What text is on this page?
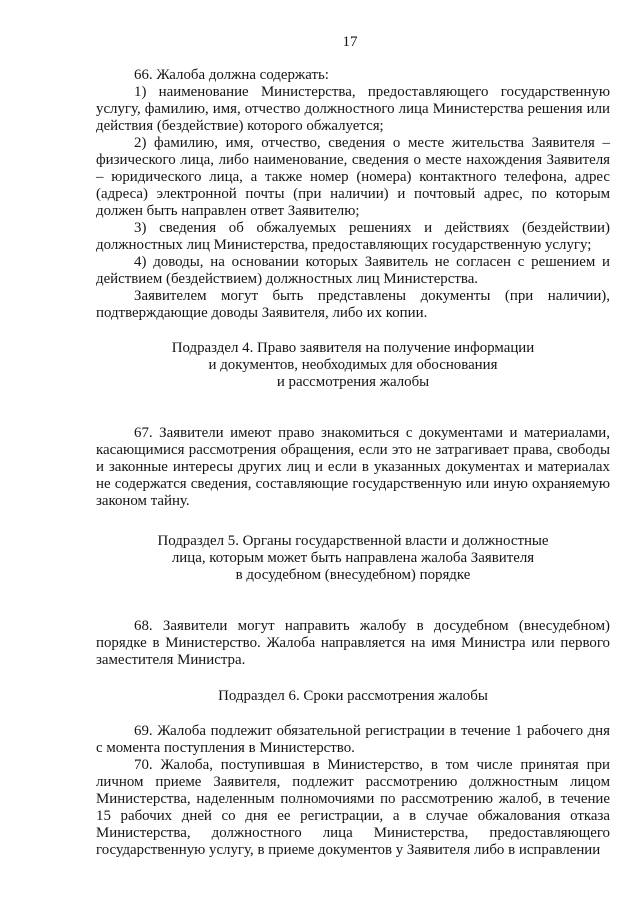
17

66. Жалоба должна содержать:

1) наименование Министерства, предоставляющего государственную услугу, фамилию, имя, отчество должностного лица Министерства решения или действия (бездействие) которого обжалуется;

2) фамилию, имя, отчество, сведения о месте жительства Заявителя – физического лица, либо наименование, сведения о месте нахождения Заявителя – юридического лица, а также номер (номера) контактного телефона, адрес (адреса) электронной почты (при наличии) и почтовый адрес, по которым должен быть направлен ответ Заявителю;

3) сведения об обжалуемых решениях и действиях (бездействии) должностных лиц Министерства, предоставляющих государственную услугу;

4) доводы, на основании которых Заявитель не согласен с решением и действием (бездействием) должностных лиц Министерства.

Заявителем могут быть представлены документы (при наличии), подтверждающие доводы Заявителя, либо их копии.

Подраздел 4. Право заявителя на получение информации
и документов, необходимых для обоснования
и рассмотрения жалобы

67. Заявители имеют право знакомиться с документами и материалами, касающимися рассмотрения обращения, если это не затрагивает права, свободы и законные интересы других лиц и если в указанных документах и материалах не содержатся сведения, составляющие государственную или иную охраняемую законом тайну.

Подраздел 5. Органы государственной власти и должностные
лица, которым может быть направлена жалоба Заявителя
в досудебном (внесудебном) порядке

68. Заявители могут направить жалобу в досудебном (внесудебном) порядке в Министерство. Жалоба направляется на имя Министра или первого заместителя Министра.

Подраздел 6. Сроки рассмотрения жалобы

69. Жалоба подлежит обязательной регистрации в течение 1 рабочего дня с момента поступления в Министерство.

70. Жалоба, поступившая в Министерство, в том числе принятая при личном приеме Заявителя, подлежит рассмотрению должностным лицом Министерства, наделенным полномочиями по рассмотрению жалоб, в течение 15 рабочих дней со дня ее регистрации, а в случае обжалования отказа Министерства, должностного лица Министерства, предоставляющего государственную услугу, в приеме документов у Заявителя либо в исправлении
